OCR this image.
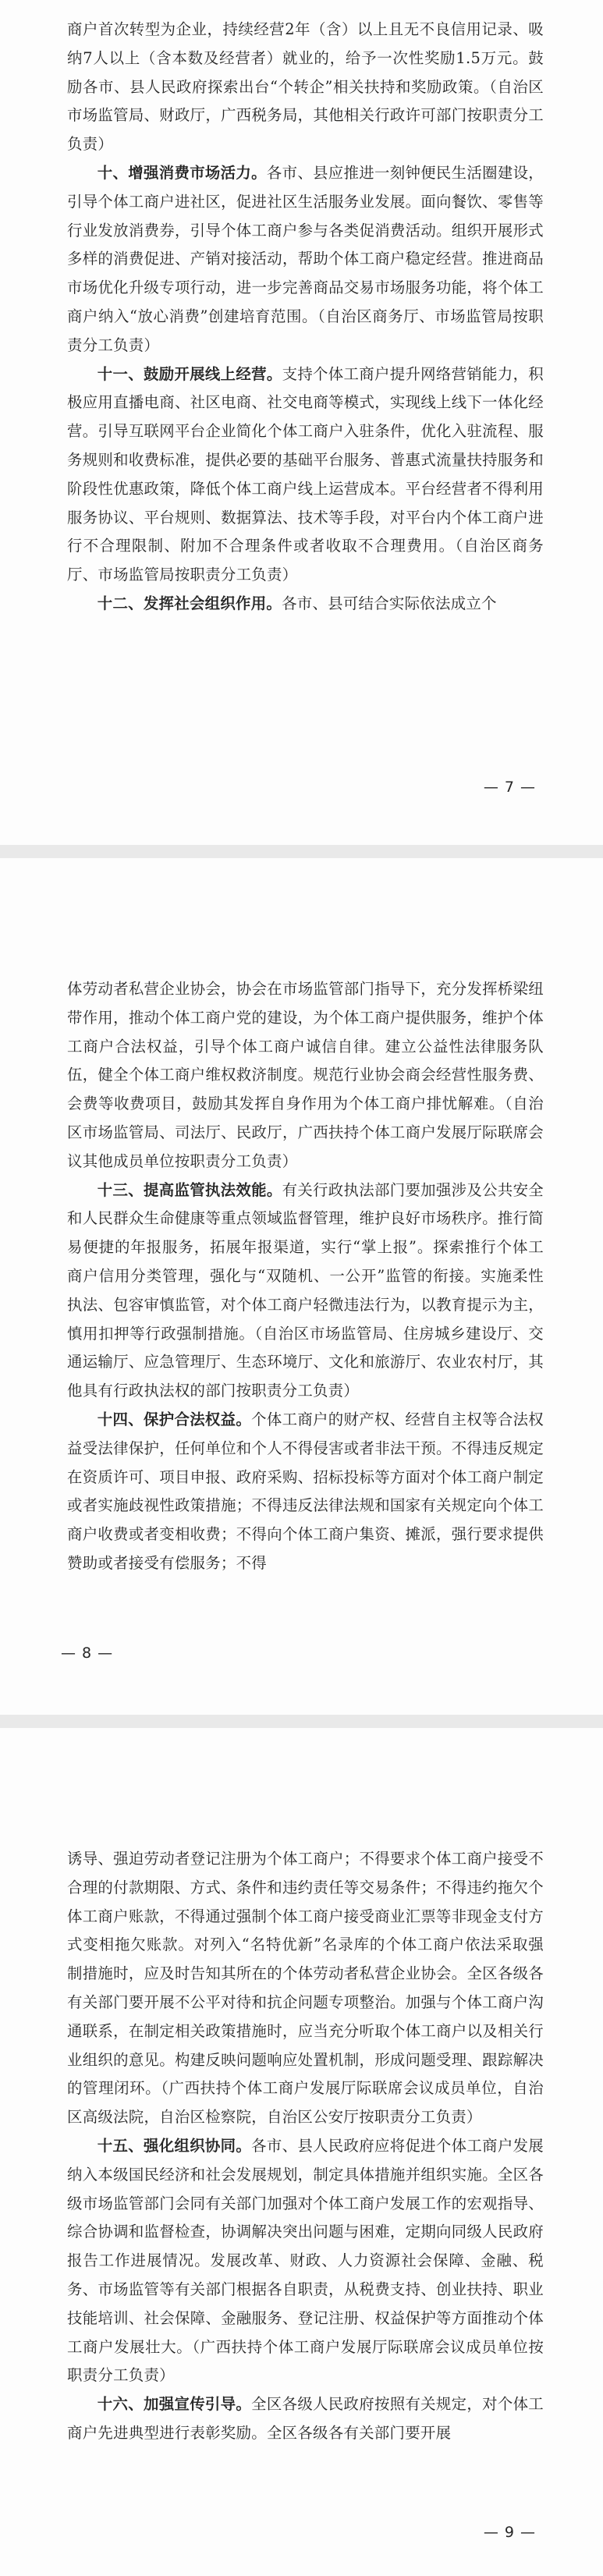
商户首次转型为企业，持续经营2年（含）以上且无不良信用记录、吸纳7人以上（含本数及经营者）就业的，给予一次性奖励1.5万元。鼓励各市、县人民政府探索出台“个转企”相关扶持和奖励政策。（自治区市场监管局、财政厅，广西税务局，其他相关行政许可部门按职责分工负责）

十、增强消费市场活力。各市、县应推进一刻钟便民生活圈建设，引导个体工商户进社区，促进社区生活服务业发展。面向餐饮、零售等行业发放消费券，引导个体工商户参与各类促消费活动。组织开展形式多样的消费促进、产销对接活动，帮助个体工商户稳定经营。推进商品市场优化升级专项行动，进一步完善商品交易市场服务功能，将个体工商户纳入“放心消费”创建培育范围。（自治区商务厅、市场监管局按职责分工负责）

十一、鼓励开展线上经营。支持个体工商户提升网络营销能力，积极应用直播电商、社区电商、社交电商等模式，实现线上线下一体化经营。引导互联网平台企业简化个体工商户入驻条件，优化入驻流程、服务规则和收费标准，提供必要的基础平台服务、普惠式流量扶持服务和阶段性优惠政策，降低个体工商户线上运营成本。平台经营者不得利用服务协议、平台规则、数据算法、技术等手段，对平台内个体工商户进行不合理限制、附加不合理条件或者收取不合理费用。（自治区商务厅、市场监管局按职责分工负责）

十二、发挥社会组织作用。各市、县可结合实际依法成立个

— 7 —

体劳动者私营企业协会，协会在市场监管部门指导下，充分发挥桥梁纽带作用，推动个体工商户党的建设，为个体工商户提供服务，维护个体工商户合法权益，引导个体工商户诚信自律。建立公益性法律服务队伍，健全个体工商户维权救济制度。规范行业协会商会经营性服务费、会费等收费项目，鼓励其发挥自身作用为个体工商户排忧解难。（自治区市场监管局、司法厅、民政厅，广西扶持个体工商户发展厅际联席会议其他成员单位按职责分工负责）

十三、提高监管执法效能。有关行政执法部门要加强涉及公共安全和人民群众生命健康等重点领域监督管理，维护良好市场秩序。推行简易便捷的年报服务，拓展年报渠道，实行“掌上报”。探索推行个体工商户信用分类管理，强化与“双随机、一公开”监管的衔接。实施柔性执法、包容审慎监管，对个体工商户轻微违法行为，以教育提示为主，慎用扣押等行政强制措施。（自治区市场监管局、住房城乡建设厅、交通运输厅、应急管理厅、生态环境厅、文化和旅游厅、农业农村厅，其他具有行政执法权的部门按职责分工负责）

十四、保护合法权益。个体工商户的财产权、经营自主权等合法权益受法律保护，任何单位和个人不得侵害或者非法干预。不得违反规定在资质许可、项目申报、政府采购、招标投标等方面对个体工商户制定或者实施歧视性政策措施；不得违反法律法规和国家有关规定向个体工商户收费或者变相收费；不得向个体工商户集资、摊派，强行要求提供赞助或者接受有偿服务；不得

— 8 —

诱导、强迫劳动者登记注册为个体工商户；不得要求个体工商户接受不合理的付款期限、方式、条件和违约责任等交易条件；不得违约拖欠个体工商户账款，不得通过强制个体工商户接受商业汇票等非现金支付方式变相拖欠账款。对列入“名特优新”名录库的个体工商户依法采取强制措施时，应及时告知其所在的个体劳动者私营企业协会。全区各级各有关部门要开展不公平对待和抗企问题专项整治。加强与个体工商户沟通联系，在制定相关政策措施时，应当充分听取个体工商户以及相关行业组织的意见。构建反映问题响应处置机制，形成问题受理、跟踪解决的管理闭环。（广西扶持个体工商户发展厅际联席会议成员单位，自治区高级法院，自治区检察院，自治区公安厅按职责分工负责）

十五、强化组织协同。各市、县人民政府应将促进个体工商户发展纳入本级国民经济和社会发展规划，制定具体措施并组织实施。全区各级市场监管部门会同有关部门加强对个体工商户发展工作的宏观指导、综合协调和监督检查，协调解决突出问题与困难，定期向同级人民政府报告工作进展情况。发展改革、财政、人力资源社会保障、金融、税务、市场监管等有关部门根据各自职责，从税费支持、创业扶持、职业技能培训、社会保障、金融服务、登记注册、权益保护等方面推动个体工商户发展壮大。（广西扶持个体工商户发展厅际联席会议成员单位按职责分工负责）

十六、加强宣传引导。全区各级人民政府按照有关规定，对个体工商户先进典型进行表彰奖励。全区各级各有关部门要开展

— 9 —
